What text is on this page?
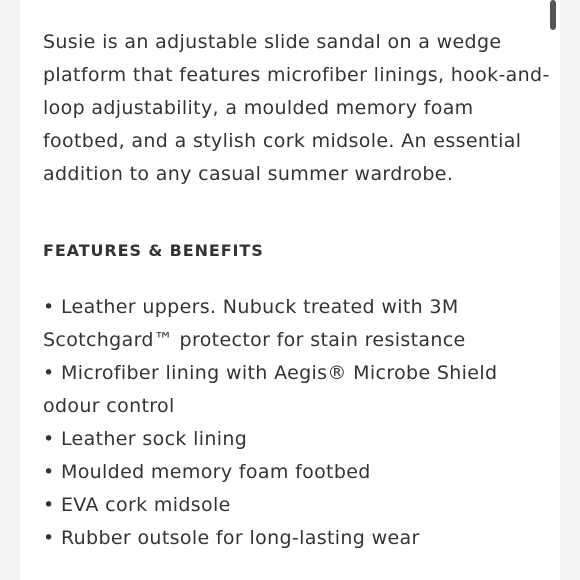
Susie is an adjustable slide sandal on a wedge
platform that features microfiber linings, hook-and-
loop adjustability, a moulded memory foam
footbed, and a stylish cork midsole. An essential
addition to any casual summer wardrobe.
FEATURES & BENEFITS
• Leather uppers. Nubuck treated with 3M
Scotchgard™ protector for stain resistance
• Microfiber lining with Aegis® Microbe Shield
odour control
• Leather sock lining
• Moulded memory foam footbed
• EVA cork midsole
• Rubber outsole for long-lasting wear
